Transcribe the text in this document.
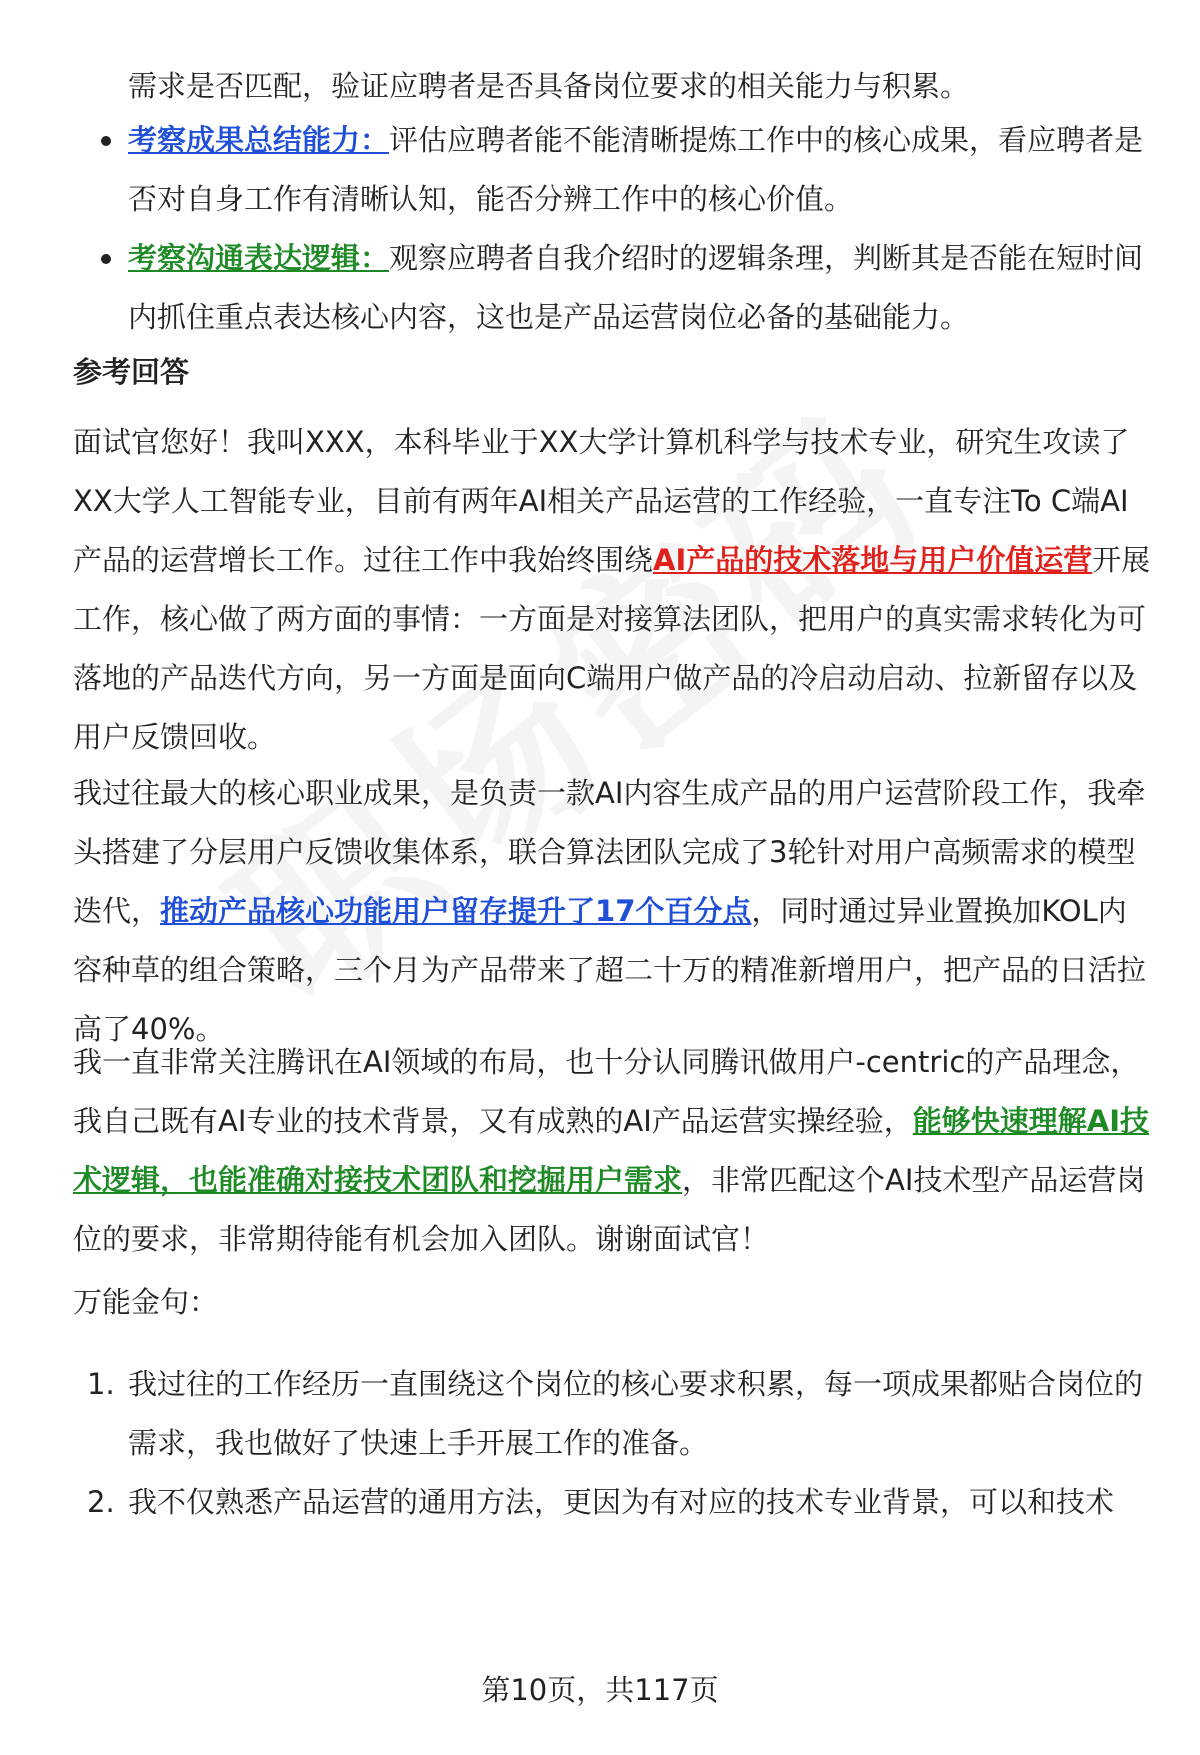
需求是否匹配，验证应聘者是否具备岗位要求的相关能力与积累。
考察成果总结能力：评估应聘者能不能清晰提炼工作中的核心成果，看应聘者是否对自身工作有清晰认知，能否分辨工作中的核心价值。
考察沟通表达逻辑：观察应聘者自我介绍时的逻辑条理，判断其是否能在短时间内抓住重点表达核心内容，这也是产品运营岗位必备的基础能力。
参考回答
面试官您好！我叫XXX，本科毕业于XX大学计算机科学与技术专业，研究生攻读了XX大学人工智能专业，目前有两年AI相关产品运营的工作经验，一直专注To C端AI产品的运营增长工作。过往工作中我始终围绕AI产品的技术落地与用户价值运营开展工作，核心做了两方面的事情：一方面是对接算法团队，把用户的真实需求转化为可落地的产品迭代方向，另一方面是面向C端用户做产品的冷启动启动、拉新留存以及用户反馈回收。
我过往最大的核心职业成果，是负责一款AI内容生成产品的用户运营阶段工作，我牵头搭建了分层用户反馈收集体系，联合算法团队完成了3轮针对用户高频需求的模型迭代，推动产品核心功能用户留存提升了17个百分点，同时通过异业置换加KOL内容种草的组合策略，三个月为产品带来了超二十万的精准新增用户，把产品的日活拉高了40%。
我一直非常关注腾讯在AI领域的布局，也十分认同腾讯做用户-centric的产品理念，我自己既有AI专业的技术背景，又有成熟的AI产品运营实操经验，能够快速理解AI技术逻辑，也能准确对接技术团队和挖掘用户需求，非常匹配这个AI技术型产品运营岗位的要求，非常期待能有机会加入团队。谢谢面试官！
万能金句：
1. 我过往的工作经历一直围绕这个岗位的核心要求积累，每一项成果都贴合岗位的需求，我也做好了快速上手开展工作的准备。
2. 我不仅熟悉产品运营的通用方法，更因为有对应的技术专业背景，可以和技术
第10页，共117页
